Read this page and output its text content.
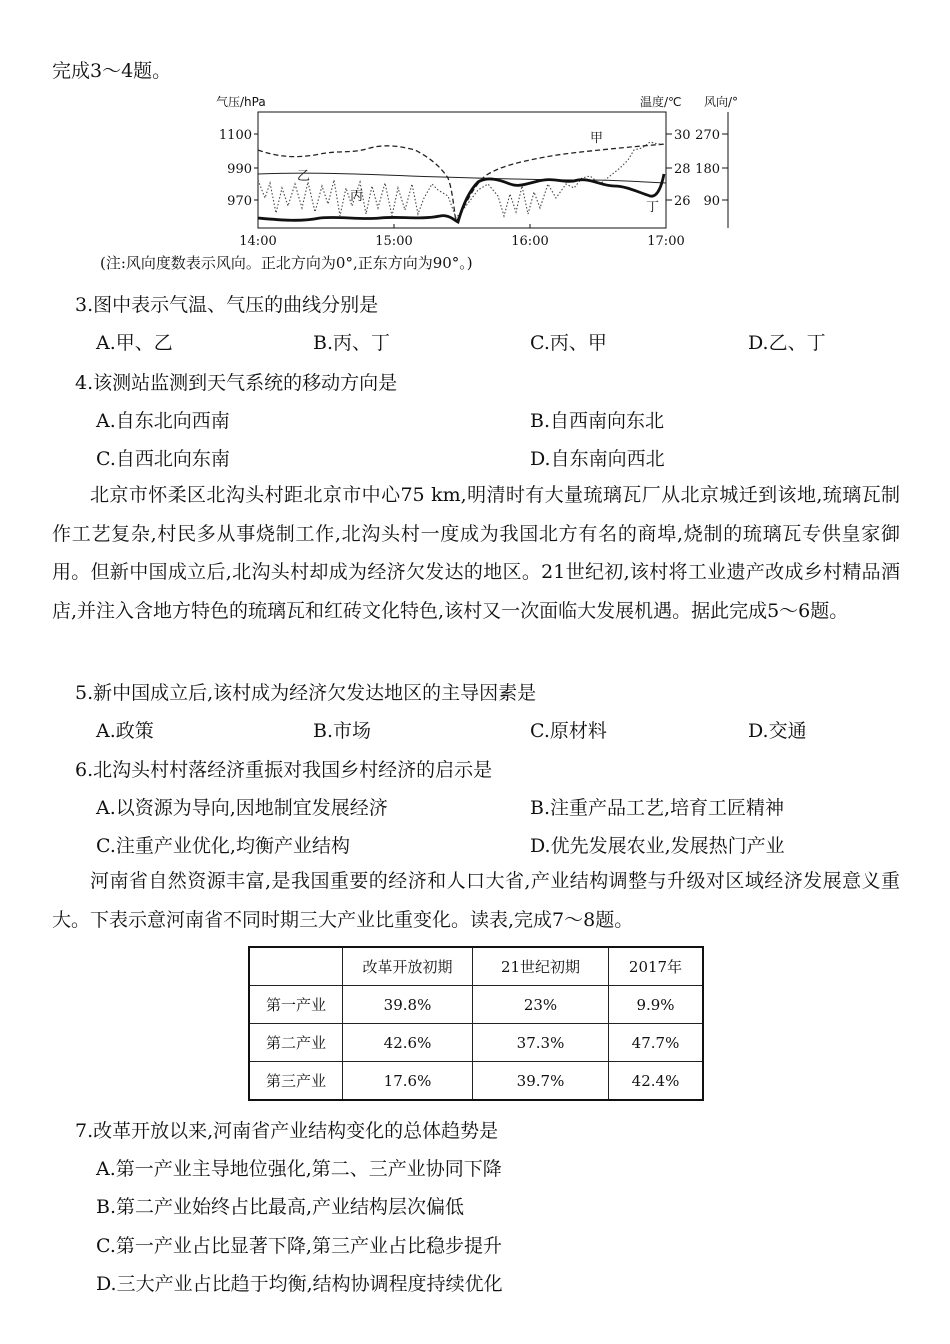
完成3～4题。
气压/hPa	温度/℃ 风向/°
1100
990
970
30
28
26
270
180
90
14:00	15:00	16:00	17:00
甲
乙
丙
丁
(注:风向度数表示风向。正北方向为0°,正东方向为90°。)
3.图中表示气温、气压的曲线分别是
A.甲、乙	B.丙、丁	C.丙、甲	D.乙、丁
4.该测站监测到天气系统的移动方向是
A.自东北向西南	B.自西南向东北
C.自西北向东南	D.自东南向西北
北京市怀柔区北沟头村距北京市中心75 km,明清时有大量琉璃瓦厂从北京城迁到该地,琉璃瓦制作工艺复杂,村民多从事烧制工作,北沟头村一度成为我国北方有名的商埠,烧制的琉璃瓦专供皇家御用。但新中国成立后,北沟头村却成为经济欠发达的地区。21世纪初,该村将工业遗产改成乡村精品酒店,并注入含地方特色的琉璃瓦和红砖文化特色,该村又一次面临大发展机遇。据此完成5～6题。
5.新中国成立后,该村成为经济欠发达地区的主导因素是
A.政策	B.市场	C.原材料	D.交通
6.北沟头村村落经济重振对我国乡村经济的启示是
A.以资源为导向,因地制宜发展经济	B.注重产品工艺,培育工匠精神
C.注重产业优化,均衡产业结构	D.优先发展农业,发展热门产业
河南省自然资源丰富,是我国重要的经济和人口大省,产业结构调整与升级对区域经济发展意义重大。下表示意河南省不同时期三大产业比重变化。读表,完成7～8题。
	改革开放初期	21世纪初期	2017年
第一产业	39.8%	23%	9.9%
第二产业	42.6%	37.3%	47.7%
第三产业	17.6%	39.7%	42.4%
7.改革开放以来,河南省产业结构变化的总体趋势是
A.第一产业主导地位强化,第二、三产业协同下降
B.第二产业始终占比最高,产业结构层次偏低
C.第一产业占比显著下降,第三产业占比稳步提升
D.三大产业占比趋于均衡,结构协调程度持续优化
